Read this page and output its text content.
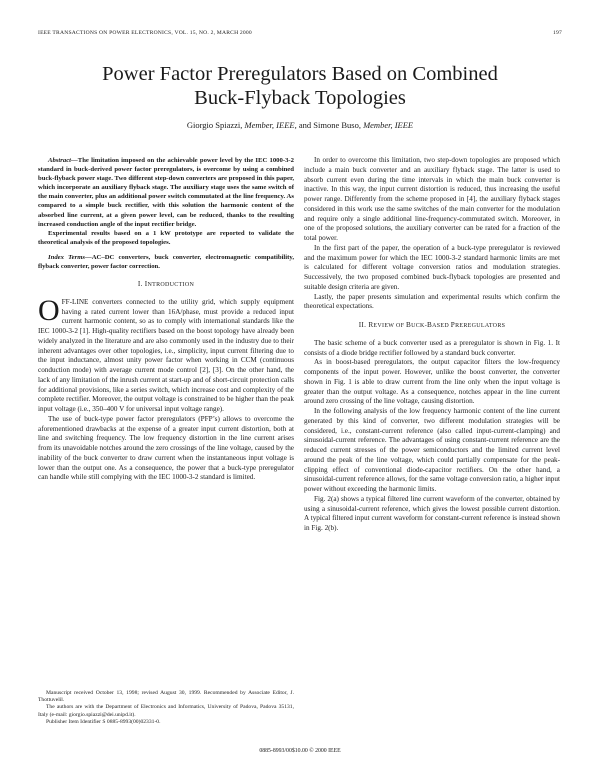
IEEE TRANSACTIONS ON POWER ELECTRONICS, VOL. 15, NO. 2, MARCH 2000	197
Power Factor Preregulators Based on Combined
Buck-Flyback Topologies
Giorgio Spiazzi, Member, IEEE, and Simone Buso, Member, IEEE

Abstract—The limitation imposed on the achievable power level by the IEC 1000-3-2 standard in buck-derived power factor preregulators, is overcome by using a combined buck-flyback power stage. Two different step-down converters are proposed in this paper, which incorporate an auxiliary flyback stage. The auxiliary stage uses the same switch of the main converter, plus an additional power switch commutated at the line frequency. As compared to a simple buck rectifier, with this solution the harmonic content of the absorbed line current, at a given power level, can be reduced, thanks to the resulting increased conduction angle of the input rectifier bridge.

Experimental results based on a 1 kW prototype are reported to validate the theoretical analysis of the proposed topologies.

Index Terms—AC–DC converters, buck converter, electromagnetic compatibility, flyback converter, power factor correction.

I. INTRODUCTION

OFF-LINE converters connected to the utility grid, which supply equipment having a rated current lower than 16A/phase, must provide a reduced input current harmonic content, so as to comply with international standards like the IEC 1000-3-2 [1]. High-quality rectifiers based on the boost topology have already been widely analyzed in the literature and are also commonly used in the industry due to their inherent advantages over other topologies, i.e., simplicity, input current filtering due to the input inductance, almost unity power factor when working in CCM (continuous conduction mode) with average current mode control [2], [3]. On the other hand, the lack of any limitation of the inrush current at start-up and of short-circuit protection calls for additional provisions, like a series switch, which increase cost and complexity of the complete rectifier. Moreover, the output voltage is constrained to be higher than the peak input voltage (i.e., 350–400 V for universal input voltage range).

The use of buck-type power factor preregulators (PFP’s) allows to overcome the aforementioned drawbacks at the expense of a greater input current distortion, both at line and switching frequency. The low frequency distortion in the line current arises from its unavoidable notches around the zero crossings of the line voltage, caused by the inability of the buck converter to draw current when the instantaneous input voltage is lower than the output one. As a consequence, the power that a buck-type preregulator can handle while still complying with the IEC 1000-3-2 standard is limited.

Manuscript received October 13, 1998; revised August 30, 1999. Recommended by Associate Editor, J. Thottuvelil.

The authors are with the Department of Electronics and Informatics, University of Padova, Padova 35131, Italy (e-mail: giorgio.spiazzi@dei.unipd.it).

Publisher Item Identifier S 0885-8993(00)02331-0.

In order to overcome this limitation, two step-down topologies are proposed which include a main buck converter and an auxiliary flyback stage. The latter is used to absorb current even during the time intervals in which the main buck converter is inactive. In this way, the input current distortion is reduced, thus increasing the useful power range. Differently from the scheme proposed in [4], the auxiliary flyback stages considered in this work use the same switches of the main converter for the modulation and require only a single additional line-frequency-commutated switch. Moreover, in one of the proposed solutions, the auxiliary converter can be rated for a fraction of the total power.

In the first part of the paper, the operation of a buck-type preregulator is reviewed and the maximum power for which the IEC 1000-3-2 standard harmonic limits are met is calculated for different voltage conversion ratios and modulation strategies. Successively, the two proposed combined buck-flyback topologies are presented and suitable design criteria are given.

Lastly, the paper presents simulation and experimental results which confirm the theoretical expectations.

II. REVIEW OF BUCK-BASED PREREGULATORS

The basic scheme of a buck converter used as a preregulator is shown in Fig. 1. It consists of a diode bridge rectifier followed by a standard buck converter.

As in boost-based preregulators, the output capacitor filters the low-frequency components of the input power. However, unlike the boost converter, the converter shown in Fig. 1 is able to draw current from the line only when the input voltage is greater than the output voltage. As a consequence, notches appear in the line current around zero crossing of the line voltage, causing distortion.

In the following analysis of the low frequency harmonic content of the line current generated by this kind of converter, two different modulation strategies will be considered, i.e., constant-current reference (also called input-current-clamping) and sinusoidal-current reference. The advantages of using constant-current reference are the reduced current stresses of the power semiconductors and the limited current level around the peak of the line voltage, which could partially compensate for the peak-clipping effect of conventional diode-capacitor rectifiers. On the other hand, a sinusoidal-current reference allows, for the same voltage conversion ratio, a higher input power without exceeding the harmonic limits.

Fig. 2(a) shows a typical filtered line current waveform of the converter, obtained by using a sinusoidal-current reference, which gives the lowest possible current distortion. A typical filtered input current waveform for constant-current reference is instead shown in Fig. 2(b).

0885-8993/00$10.00 © 2000 IEEE
